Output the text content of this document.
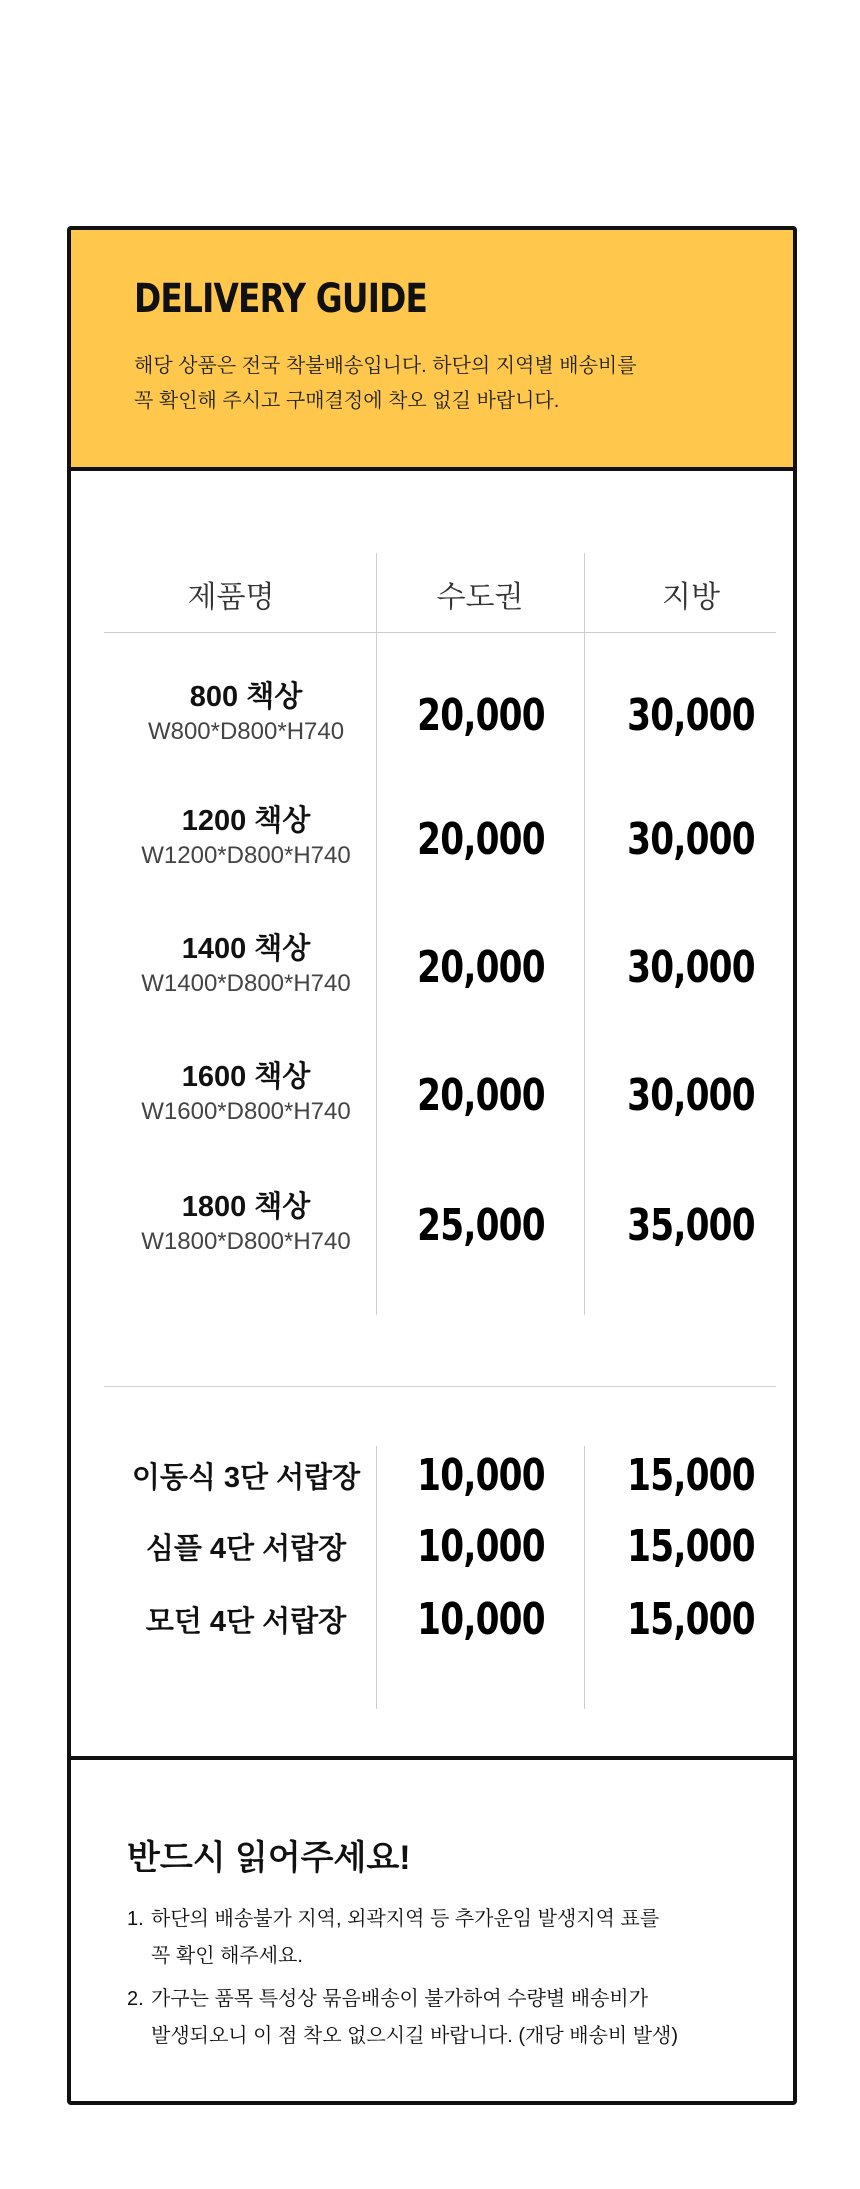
DELIVERY GUIDE

해당 상품은 전국 착불배송입니다. 하단의 지역별 배송비를
꼭 확인해 주시고 구매결정에 착오 없길 바랍니다.

제품명	수도권	지방
800 책상
W800*D800*H740	20,000	30,000
1200 책상
W1200*D800*H740	20,000	30,000
1400 책상
W1400*D800*H740	20,000	30,000
1600 책상
W1600*D800*H740	20,000	30,000
1800 책상
W1800*D800*H740	25,000	35,000
이동식 3단 서랍장	10,000	15,000
심플 4단 서랍장	10,000	15,000
모던 4단 서랍장	10,000	15,000
반드시 읽어주세요!
1. 하단의 배송불가 지역, 외곽지역 등 추가운임 발생지역 표를
꼭 확인 해주세요.
2. 가구는 품목 특성상 묶음배송이 불가하여 수량별 배송비가
발생되오니 이 점 착오 없으시길 바랍니다. (개당 배송비 발생)
